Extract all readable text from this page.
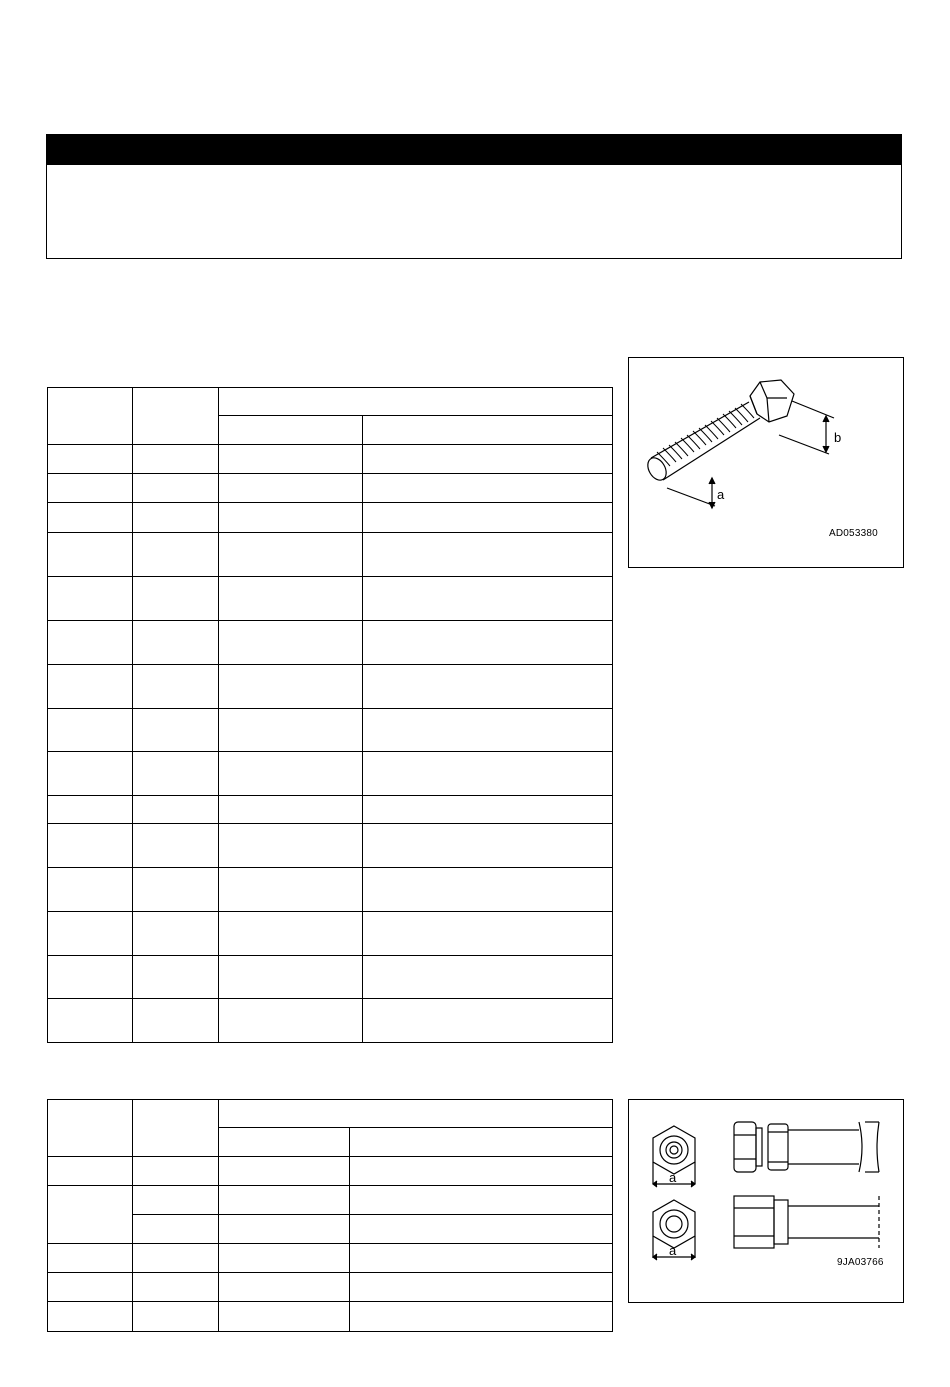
b
a
AD053380

a
a
9JA03766
